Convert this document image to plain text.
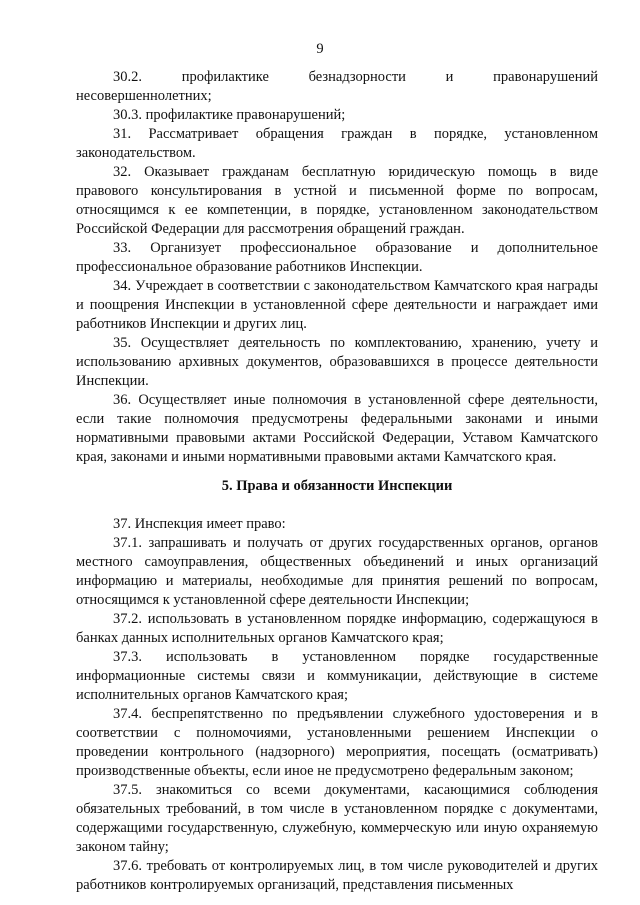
9

30.2. профилактике безнадзорности и правонарушений

несовершеннолетних;

30.3. профилактике правонарушений;

31. Рассматривает обращения граждан в порядке, установленном законодательством.

32. Оказывает гражданам бесплатную юридическую помощь в виде правового консультирования в устной и письменной форме по вопросам, относящимся к ее компетенции, в порядке, установленном законодательством Российской Федерации для рассмотрения обращений граждан.

33. Организует профессиональное образование и дополнительное профессиональное образование работников Инспекции.

34. Учреждает в соответствии с законодательством Камчатского края награды и поощрения Инспекции в установленной сфере деятельности и награждает ими работников Инспекции и других лиц.

35. Осуществляет деятельность по комплектованию, хранению, учету и использованию архивных документов, образовавшихся в процессе деятельности Инспекции.

36. Осуществляет иные полномочия в установленной сфере деятельности, если такие полномочия предусмотрены федеральными законами и иными нормативными правовыми актами Российской Федерации, Уставом Камчатского края, законами и иными нормативными правовыми актами Камчатского края.

5. Права и обязанности Инспекции

37. Инспекция имеет право:

37.1. запрашивать и получать от других государственных органов, органов местного самоуправления, общественных объединений и иных организаций информацию и материалы, необходимые для принятия решений по вопросам, относящимся к установленной сфере деятельности Инспекции;

37.2. использовать в установленном порядке информацию, содержащуюся в банках данных исполнительных органов Камчатского края;

37.3. использовать в установленном порядке государственные информационные системы связи и коммуникации, действующие в системе исполнительных органов Камчатского края;

37.4. беспрепятственно по предъявлении служебного удостоверения и в соответствии с полномочиями, установленными решением Инспекции о проведении контрольного (надзорного) мероприятия, посещать (осматривать) производственные объекты, если иное не предусмотрено федеральным законом;

37.5. знакомиться со всеми документами, касающимися соблюдения обязательных требований, в том числе в установленном порядке с документами, содержащими государственную, служебную, коммерческую или иную охраняемую законом тайну;

37.6. требовать от контролируемых лиц, в том числе руководителей и других работников контролируемых организаций, представления письменных
